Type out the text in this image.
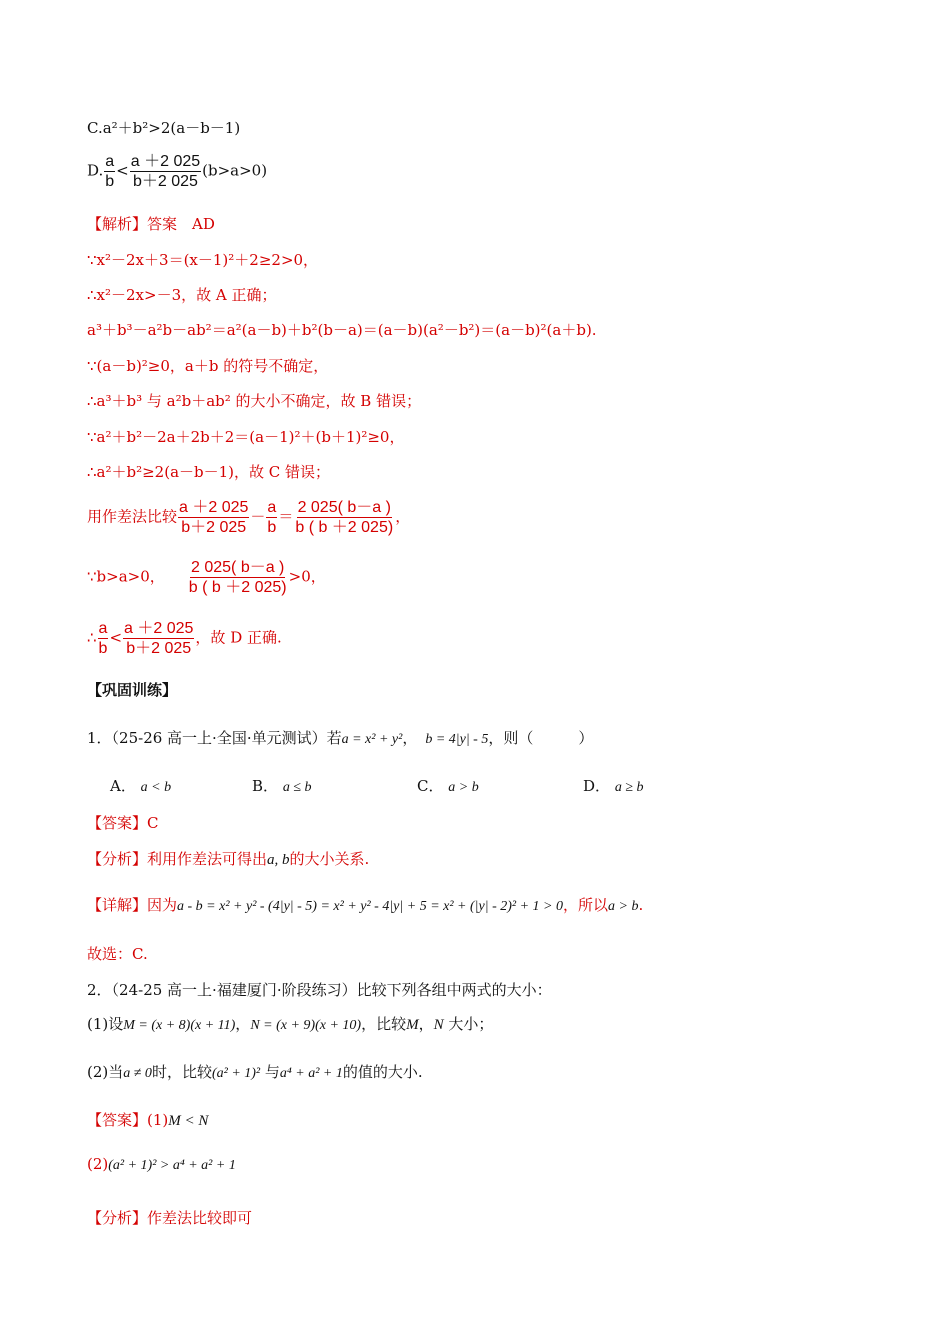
C.a²＋b²>2(a－b－1)
D. $\frac{a}{b} < \frac{a +2 025}{b+2 025} (b>a>0)$
【解析】答案　AD
∵x²－2x＋3＝(x－1)²＋2≥2>0，
∴x²－2x>－3，故 A 正确；
a³＋b³－a²b－ab²＝a²(a－b)＋b²(b－a)＝(a－b)(a²－b²)＝(a－b)²(a＋b).
∵(a－b)²≥0，a＋b 的符号不确定，
∴a³＋b³ 与 a²b＋ab² 的大小不确定，故 B 错误；
∵a²＋b²－2a＋2b＋2＝(a－1)²＋(b＋1)²≥0，
∴a²＋b²≥2(a－b－1)，故 C 错误；
用作差法比较 $\frac{a +2 025}{b+2 025} - \frac{a}{b} = \frac{2 025( b-a )}{b ( b +2 025)}$ ，
∵b>a>0， $\frac{2 025( b-a )}{b ( b +2 025)} >0$，
∴ $\frac{a}{b} < \frac{a +2 025}{b+2 025}$ ，故 D 正确.
【巩固训练】
1．（25-26 高一上·全国·单元测试）若a = x² + y²， b = 4|y| - 5，则（　　　）
A． a < b	B． a ≤ b	C． a > b	D． a ≥ b
【答案】C
【分析】利用作差法可得出a, b的大小关系.
【详解】因为a - b = x² + y² - (4|y| - 5) = x² + y² - 4|y| + 5 = x² + (|y| - 2)² + 1 > 0，所以a > b.
故选：C.
2．（24-25 高一上·福建厦门·阶段练习）比较下列各组中两式的大小：
(1)设M = (x + 8)(x + 11)，N = (x + 9)(x + 10)，比较M，N 大小；
(2)当a ≠ 0时，比较(a² + 1)² 与a⁴ + a² + 1的值的大小.
【答案】(1)M < N
(2)(a² + 1)² > a⁴ + a² + 1
【分析】作差法比较即可
